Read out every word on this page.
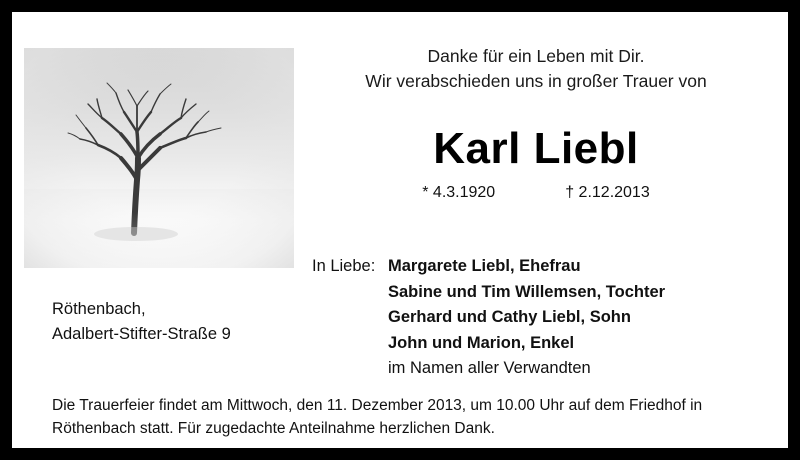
Danke für ein Leben mit Dir.
Wir verabschieden uns in großer Trauer von
Karl Liebl
* 4.3.1920	† 2.12.2013
In Liebe: Margarete Liebl, Ehefrau
Sabine und Tim Willemsen, Tochter
Gerhard und Cathy Liebl, Sohn
John und Marion, Enkel
im Namen aller Verwandten
Röthenbach,
Adalbert-Stifter-Straße 9
Die Trauerfeier findet am Mittwoch, den 11. Dezember 2013, um 10.00 Uhr auf dem Friedhof in
Röthenbach statt. Für zugedachte Anteilnahme herzlichen Dank.
